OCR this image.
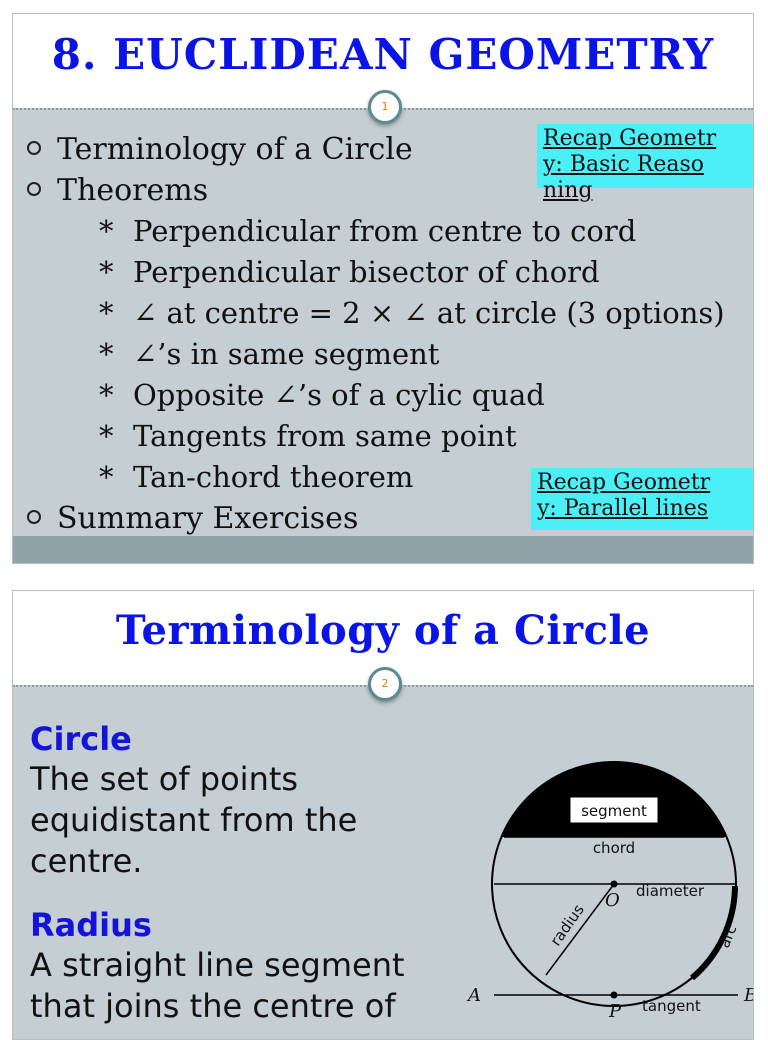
8. EUCLIDEAN GEOMETRY
1
Terminology of a Circle
Theorems
* Perpendicular from centre to cord
* Perpendicular bisector of chord
* ∠ at centre = 2 × ∠ at circle (3 options)
* ∠’s in same segment
* Opposite ∠’s of a cylic quad
* Tangents from same point
* Tan-chord theorem
Summary Exercises
Recap Geometr
y: Basic Reaso
ning
Recap Geometr
y: Parallel lines
Terminology of a Circle
2
Circle
The set of points
equidistant from the
centre.
Radius
A straight line segment
that joins the centre of
segment
chord
diameter
O
radius	arc
tangent
A	B
P
